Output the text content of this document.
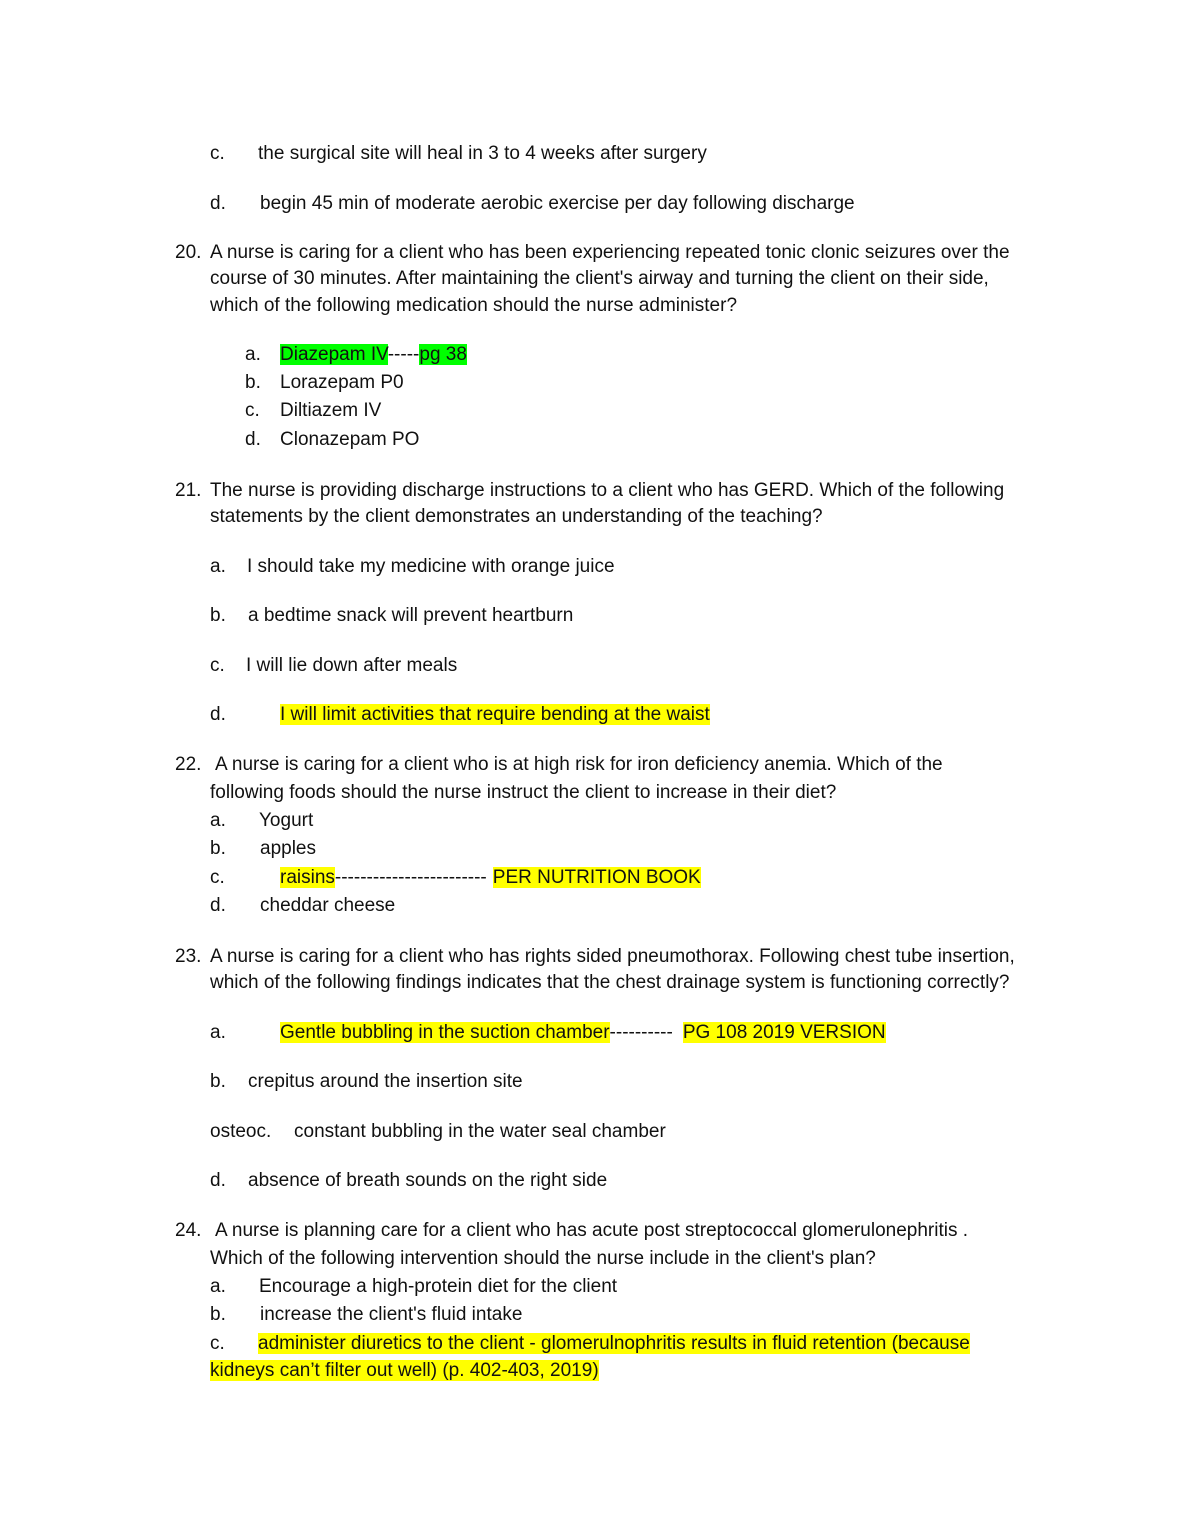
c. the surgical site will heal in 3 to 4 weeks after surgery
d. begin 45 min of moderate aerobic exercise per day following discharge
20. A nurse is caring for a client who has been experiencing repeated tonic clonic seizures over the
course of 30 minutes. After maintaining the client's airway and turning the client on their side,
which of the following medication should the nurse administer?
a. Diazepam IV-----pg 38
b. Lorazepam P0
c. Diltiazem IV
d. Clonazepam PO
21. The nurse is providing discharge instructions to a client who has GERD. Which of the following
statements by the client demonstrates an understanding of the teaching?
a. I should take my medicine with orange juice
b. a bedtime snack will prevent heartburn
c. I will lie down after meals
d.	I will limit activities that require bending at the waist
22. A nurse is caring for a client who is at high risk for iron deficiency anemia. Which of the
following foods should the nurse instruct the client to increase in their diet?
a. Yogurt
b. apples
c.	raisins------------------------ PER NUTRITION BOOK
d. cheddar cheese
23. A nurse is caring for a client who has rights sided pneumothorax. Following chest tube insertion,
which of the following findings indicates that the chest drainage system is functioning correctly?
a.	Gentle bubbling in the suction chamber---------- PG 108 2019 VERSION
b. crepitus around the insertion site
osteoc. constant bubbling in the water seal chamber
d. absence of breath sounds on the right side
24. A nurse is planning care for a client who has acute post streptococcal glomerulonephritis .
Which of the following intervention should the nurse include in the client's plan?
a. Encourage a high-protein diet for the client
b. increase the client's fluid intake
c. administer diuretics to the client - glomerulnophritis results in fluid retention (because
kidneys can’t filter out well) (p. 402-403, 2019)
